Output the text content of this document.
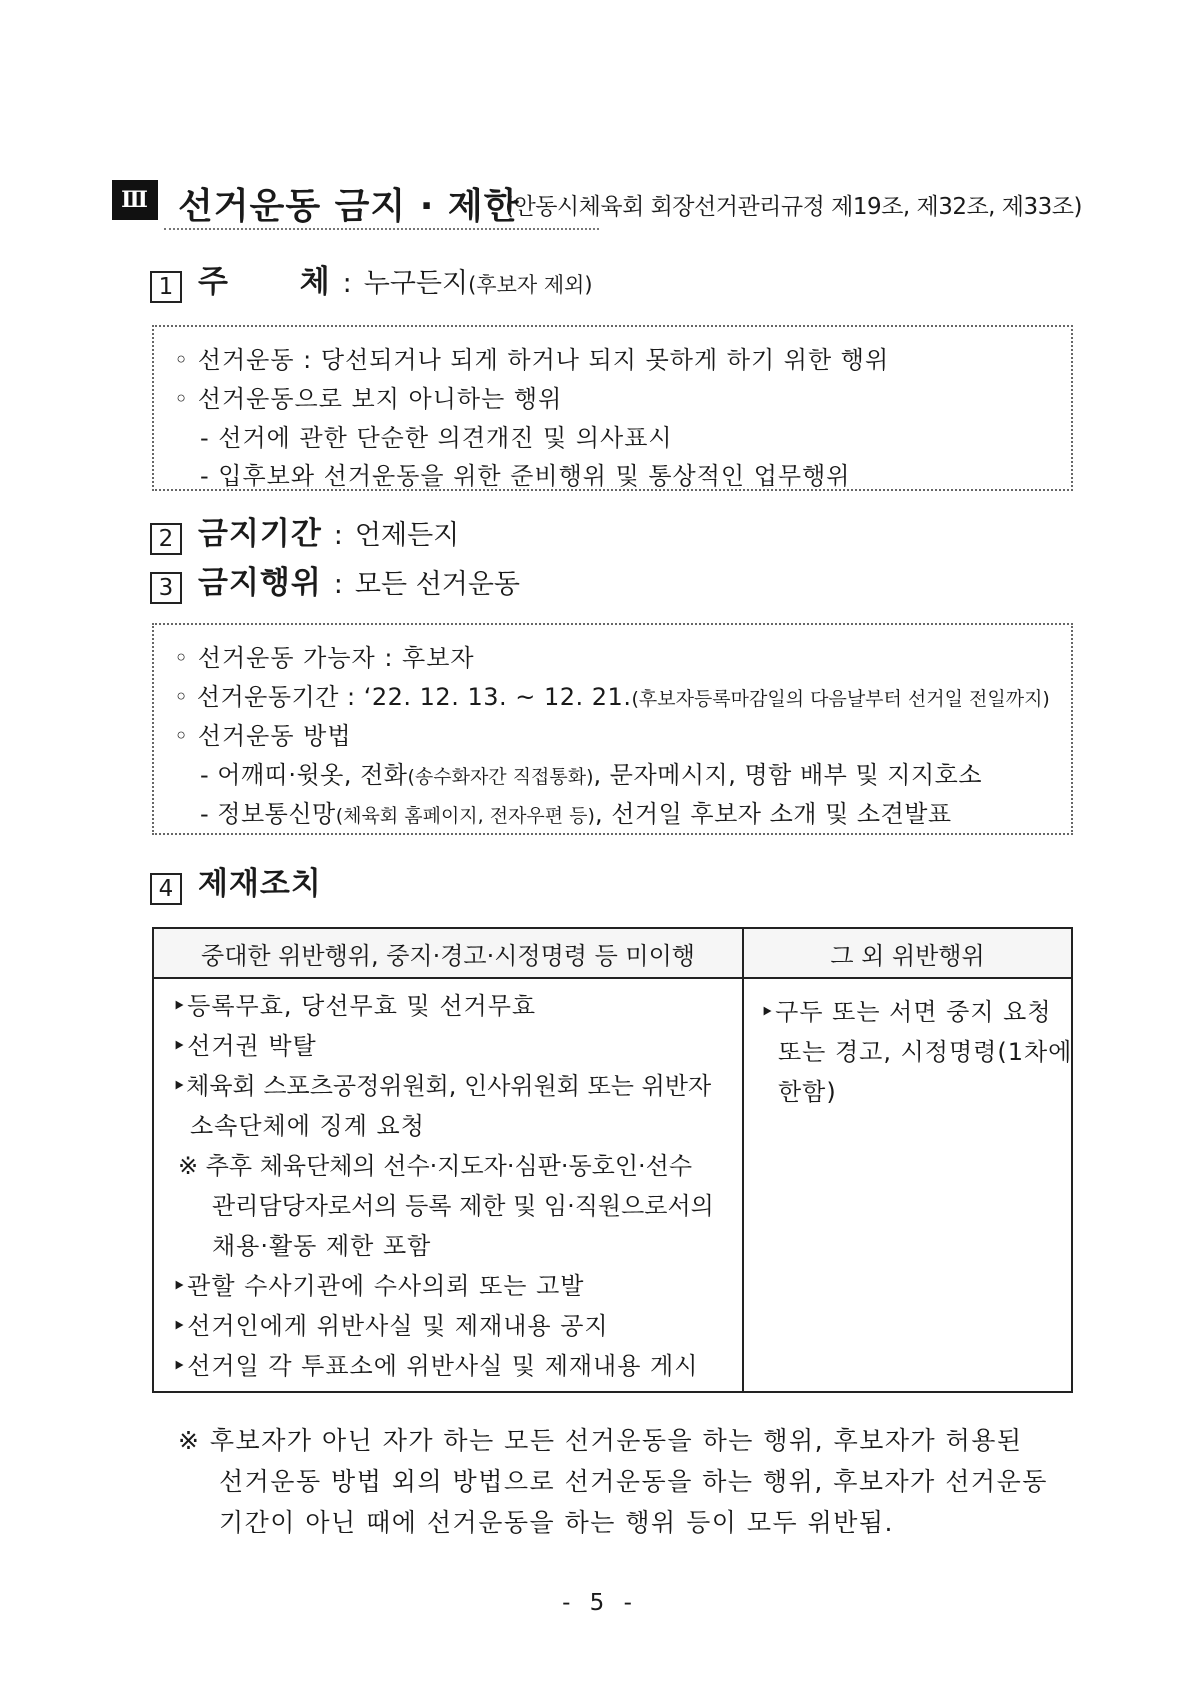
Ⅲ 선거운동 금지 · 제한
(안동시체육회 회장선거관리규정 제19조, 제32조, 제33조)
1 주      체 : 누구든지 (후보자 제외)
◦ 선거운동 : 당선되거나 되게 하거나 되지 못하게 하기 위한 행위
◦ 선거운동으로 보지 아니하는 행위
- 선거에 관한 단순한 의견개진 및 의사표시
- 입후보와 선거운동을 위한 준비행위 및 통상적인 업무행위
2 금지기간 : 언제든지
3 금지행위 : 모든 선거운동
◦ 선거운동 가능자 : 후보자
◦ 선거운동기간 : ‘22. 12. 13. ~ 12. 21.(후보자등록마감일의 다음날부터 선거일 전일까지)
◦ 선거운동 방법
- 어깨띠·윗옷, 전화(송수화자간 직접통화), 문자메시지, 명함 배부 및 지지호소
- 정보통신망(체육회 홈페이지, 전자우편 등), 선거일 후보자 소개 및 소견발표
4 제재조치
중대한 위반행위, 중지·경고·시정명령 등 미이행	그 외 위반행위
‣등록무효, 당선무효 및 선거무효
‣선거권 박탈
‣체육회 스포츠공정위원회, 인사위원회 또는 위반자
소속단체에 징계 요청
※ 추후 체육단체의 선수·지도자·심판·동호인·선수
관리담당자로서의 등록 제한 및 임·직원으로서의
채용·활동 제한 포함
‣관할 수사기관에 수사의뢰 또는 고발
‣선거인에게 위반사실 및 제재내용 공지
‣선거일 각 투표소에 위반사실 및 제재내용 게시
‣구두 또는 서면 중지 요청
또는 경고, 시정명령(1차에
한함)
※ 후보자가 아닌 자가 하는 모든 선거운동을 하는 행위, 후보자가 허용된
선거운동 방법 외의 방법으로 선거운동을 하는 행위, 후보자가 선거운동
기간이 아닌 때에 선거운동을 하는 행위 등이 모두 위반됨.
- 5 -
